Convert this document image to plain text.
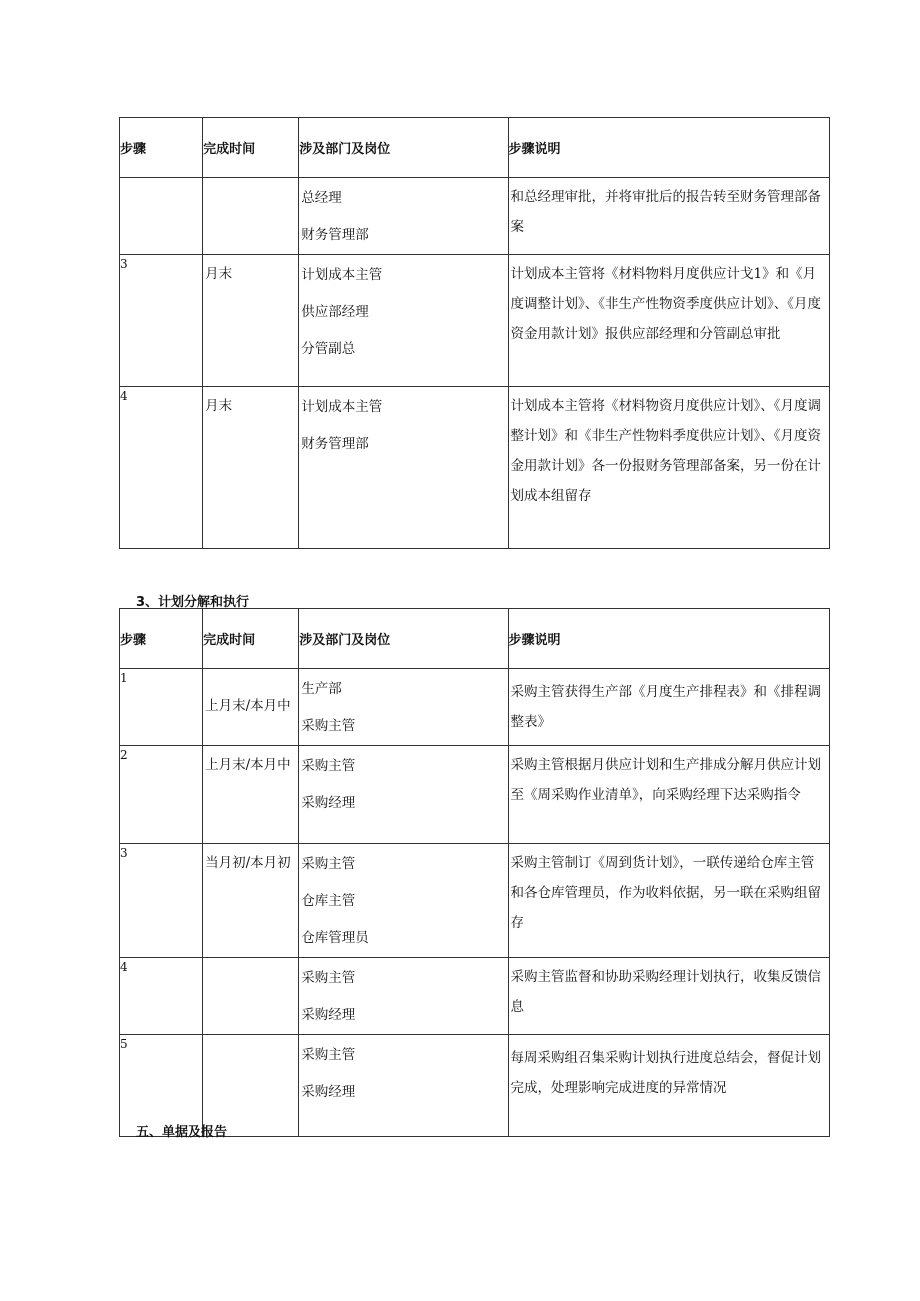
步骤	完成时间	涉及部门及岗位	步骤说明

		总经理
财务管理部	和总经理审批，并将审批后的报告转至财务管理部备案

3	月末	计划成本主管
供应部经理
分管副总	计划成本主管将《材料物料月度供应计戈1》和《月度调整计划》、《非生产性物资季度供应计划》、《月度资金用款计划》报供应部经理和分管副总审批

4	月末	计划成本主管
财务管理部	计划成本主管将《材料物资月度供应计划》、《月度调整计划》和《非生产性物料季度供应计划》、《月度资金用款计划》各一份报财务管理部备案，另一份在计划成本组留存
3、计划分解和执行
步骤	完成时间	涉及部门及岗位	步骤说明

1	上月末/本月中	生产部
采购主管	采购主管获得生产部《月度生产排程表》和《排程调整表》

2	上月末/本月中	采购主管
采购经理	采购主管根据月供应计划和生产排成分解月供应计划至《周采购作业清单》，向采购经理下达采购指令

3	当月初/本月初	采购主管
仓库主管
仓库管理员	采购主管制订《周到货计划》，一联传递给仓库主管和各仓库管理员，作为收料依据，另一联在采购组留存

4		采购主管
采购经理	采购主管监督和协助采购经理计划执行，收集反馈信息

5		采购主管
采购经理	每周采购组召集采购计划执行进度总结会，督促计划完成，处理影响完成进度的异常情况
五、单据及报告
